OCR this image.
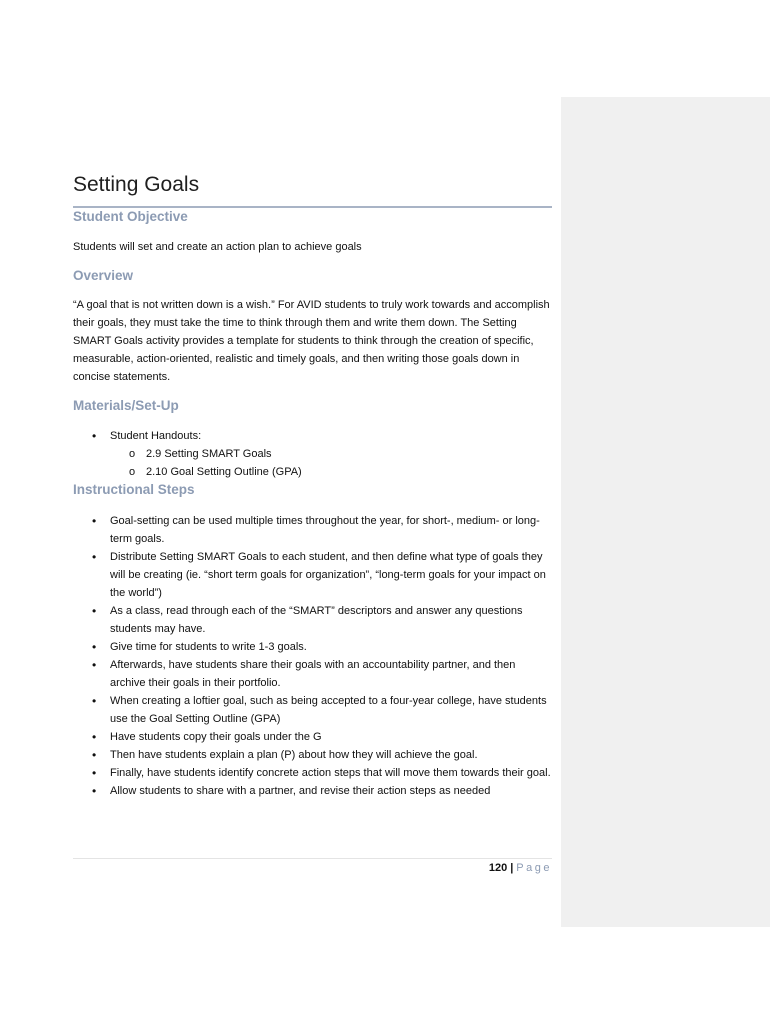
Setting Goals
Student Objective
Students will set and create an action plan to achieve goals
Overview
“A goal that is not written down is a wish.” For AVID students to truly work towards and accomplish their goals, they must take the time to think through them and write them down. The Setting SMART Goals activity provides a template for students to think through the creation of specific, measurable, action-oriented, realistic and timely goals, and then writing those goals down in concise statements.
Materials/Set-Up
• Student Handouts:
o 2.9 Setting SMART Goals
o 2.10 Goal Setting Outline (GPA)
Instructional Steps
• Goal-setting can be used multiple times throughout the year, for short-, medium- or long-term goals.
• Distribute Setting SMART Goals to each student, and then define what type of goals they will be creating (ie. “short term goals for organization”, “long-term goals for your impact on the world”)
• As a class, read through each of the “SMART” descriptors and answer any questions students may have.
• Give time for students to write 1-3 goals.
• Afterwards, have students share their goals with an accountability partner, and then archive their goals in their portfolio.
• When creating a loftier goal, such as being accepted to a four-year college, have students use the Goal Setting Outline (GPA)
• Have students copy their goals under the G
• Then have students explain a plan (P) about how they will achieve the goal.
• Finally, have students identify concrete action steps that will move them towards their goal.
• Allow students to share with a partner, and revise their action steps as needed
120 | Page
